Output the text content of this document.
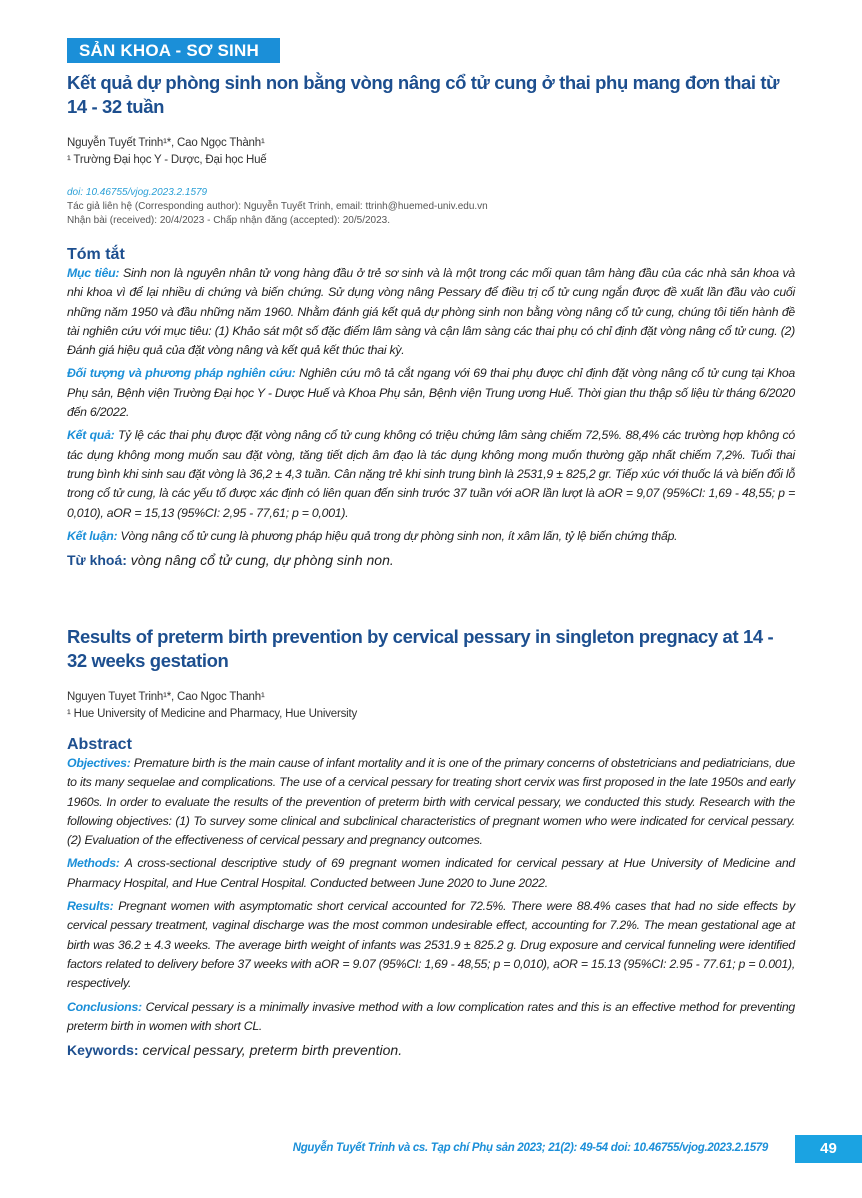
SẢN KHOA - SƠ SINH
Kết quả dự phòng sinh non bằng vòng nâng cổ tử cung ở thai phụ mang đơn thai từ 14 - 32 tuần
Nguyễn Tuyết Trinh¹*, Cao Ngọc Thành¹
¹ Trường Đại học Y - Dược, Đại học Huế
doi: 10.46755/vjog.2023.2.1579
Tác giả liên hệ (Corresponding author): Nguyễn Tuyết Trinh, email: ttrinh@huemed-univ.edu.vn
Nhận bài (received): 20/4/2023 - Chấp nhận đăng (accepted): 20/5/2023.
Tóm tắt

Mục tiêu: Sinh non là nguyên nhân tử vong hàng đầu ở trẻ sơ sinh và là một trong các mối quan tâm hàng đầu của các nhà sản khoa và nhi khoa vì để lại nhiều di chứng và biến chứng. Sử dụng vòng nâng Pessary để điều trị cổ tử cung ngắn được đề xuất lần đầu vào cuối những năm 1950 và đầu những năm 1960. Nhằm đánh giá kết quả dự phòng sinh non bằng vòng nâng cổ tử cung, chúng tôi tiến hành đề tài nghiên cứu với mục tiêu: (1) Khảo sát một số đặc điểm lâm sàng và cận lâm sàng các thai phụ có chỉ định đặt vòng nâng cổ tử cung. (2) Đánh giá hiệu quả của đặt vòng nâng và kết quả kết thúc thai kỳ.

Đối tượng và phương pháp nghiên cứu: Nghiên cứu mô tả cắt ngang với 69 thai phụ được chỉ định đặt vòng nâng cổ tử cung tại Khoa Phụ sản, Bệnh viện Trường Đại học Y - Dược Huế và Khoa Phụ sản, Bệnh viện Trung ương Huế. Thời gian thu thập số liệu từ tháng 6/2020 đến 6/2022.

Kết quả: Tỷ lệ các thai phụ được đặt vòng nâng cổ tử cung không có triệu chứng lâm sàng chiếm 72,5%. 88,4% các trường hợp không có tác dụng không mong muốn sau đặt vòng, tăng tiết dịch âm đạo là tác dụng không mong muốn thường gặp nhất chiếm 7,2%. Tuổi thai trung bình khi sinh sau đặt vòng là 36,2 ± 4,3 tuần. Cân nặng trẻ khi sinh trung bình là 2531,9 ± 825,2 gr. Tiếp xúc với thuốc lá và biến đổi lỗ trong cổ tử cung, là các yếu tố được xác định có liên quan đến sinh trước 37 tuần với aOR lần lượt là aOR = 9,07 (95%CI: 1,69 - 48,55; p = 0,010), aOR = 15,13 (95%CI: 2,95 - 77,61; p = 0,001).

Kết luận: Vòng nâng cổ tử cung là phương pháp hiệu quả trong dự phòng sinh non, ít xâm lấn, tỷ lệ biến chứng thấp.

Từ khoá: vòng nâng cổ tử cung, dự phòng sinh non.
Results of preterm birth prevention by cervical pessary in singleton pregnacy at 14 - 32 weeks gestation
Nguyen Tuyet Trinh¹*, Cao Ngoc Thanh¹
¹ Hue University of Medicine and Pharmacy, Hue University
Abstract

Objectives: Premature birth is the main cause of infant mortality and it is one of the primary concerns of obstetricians and pediatricians, due to its many sequelae and complications. The use of a cervical pessary for treating short cervix was first proposed in the late 1950s and early 1960s. In order to evaluate the results of the prevention of preterm birth with cervical pessary, we conducted this study. Research with the following objectives: (1) To survey some clinical and subclinical characteristics of pregnant women who were indicated for cervical pessary. (2) Evaluation of the effectiveness of cervical pessary and pregnancy outcomes.

Methods: A cross-sectional descriptive study of 69 pregnant women indicated for cervical pessary at Hue University of Medicine and Pharmacy Hospital, and Hue Central Hospital. Conducted between June 2020 to June 2022.

Results: Pregnant women with asymptomatic short cervical accounted for 72.5%. There were 88.4% cases that had no side effects by cervical pessary treatment, vaginal discharge was the most common undesirable effect, accounting for 7.2%. The mean gestational age at birth was 36.2 ± 4.3 weeks. The average birth weight of infants was 2531.9 ± 825.2 g. Drug exposure and cervical funneling were identified factors related to delivery before 37 weeks with aOR = 9.07 (95%CI: 1,69 - 48,55; p = 0,010), aOR = 15.13 (95%CI: 2.95 - 77.61; p = 0.001), respectively.

Conclusions: Cervical pessary is a minimally invasive method with a low complication rates and this is an effective method for preventing preterm birth in women with short CL.

Keywords: cervical pessary, preterm birth prevention.
Nguyễn Tuyết Trinh và cs. Tạp chí Phụ sản 2023; 21(2): 49-54 doi: 10.46755/vjog.2023.2.1579	49
